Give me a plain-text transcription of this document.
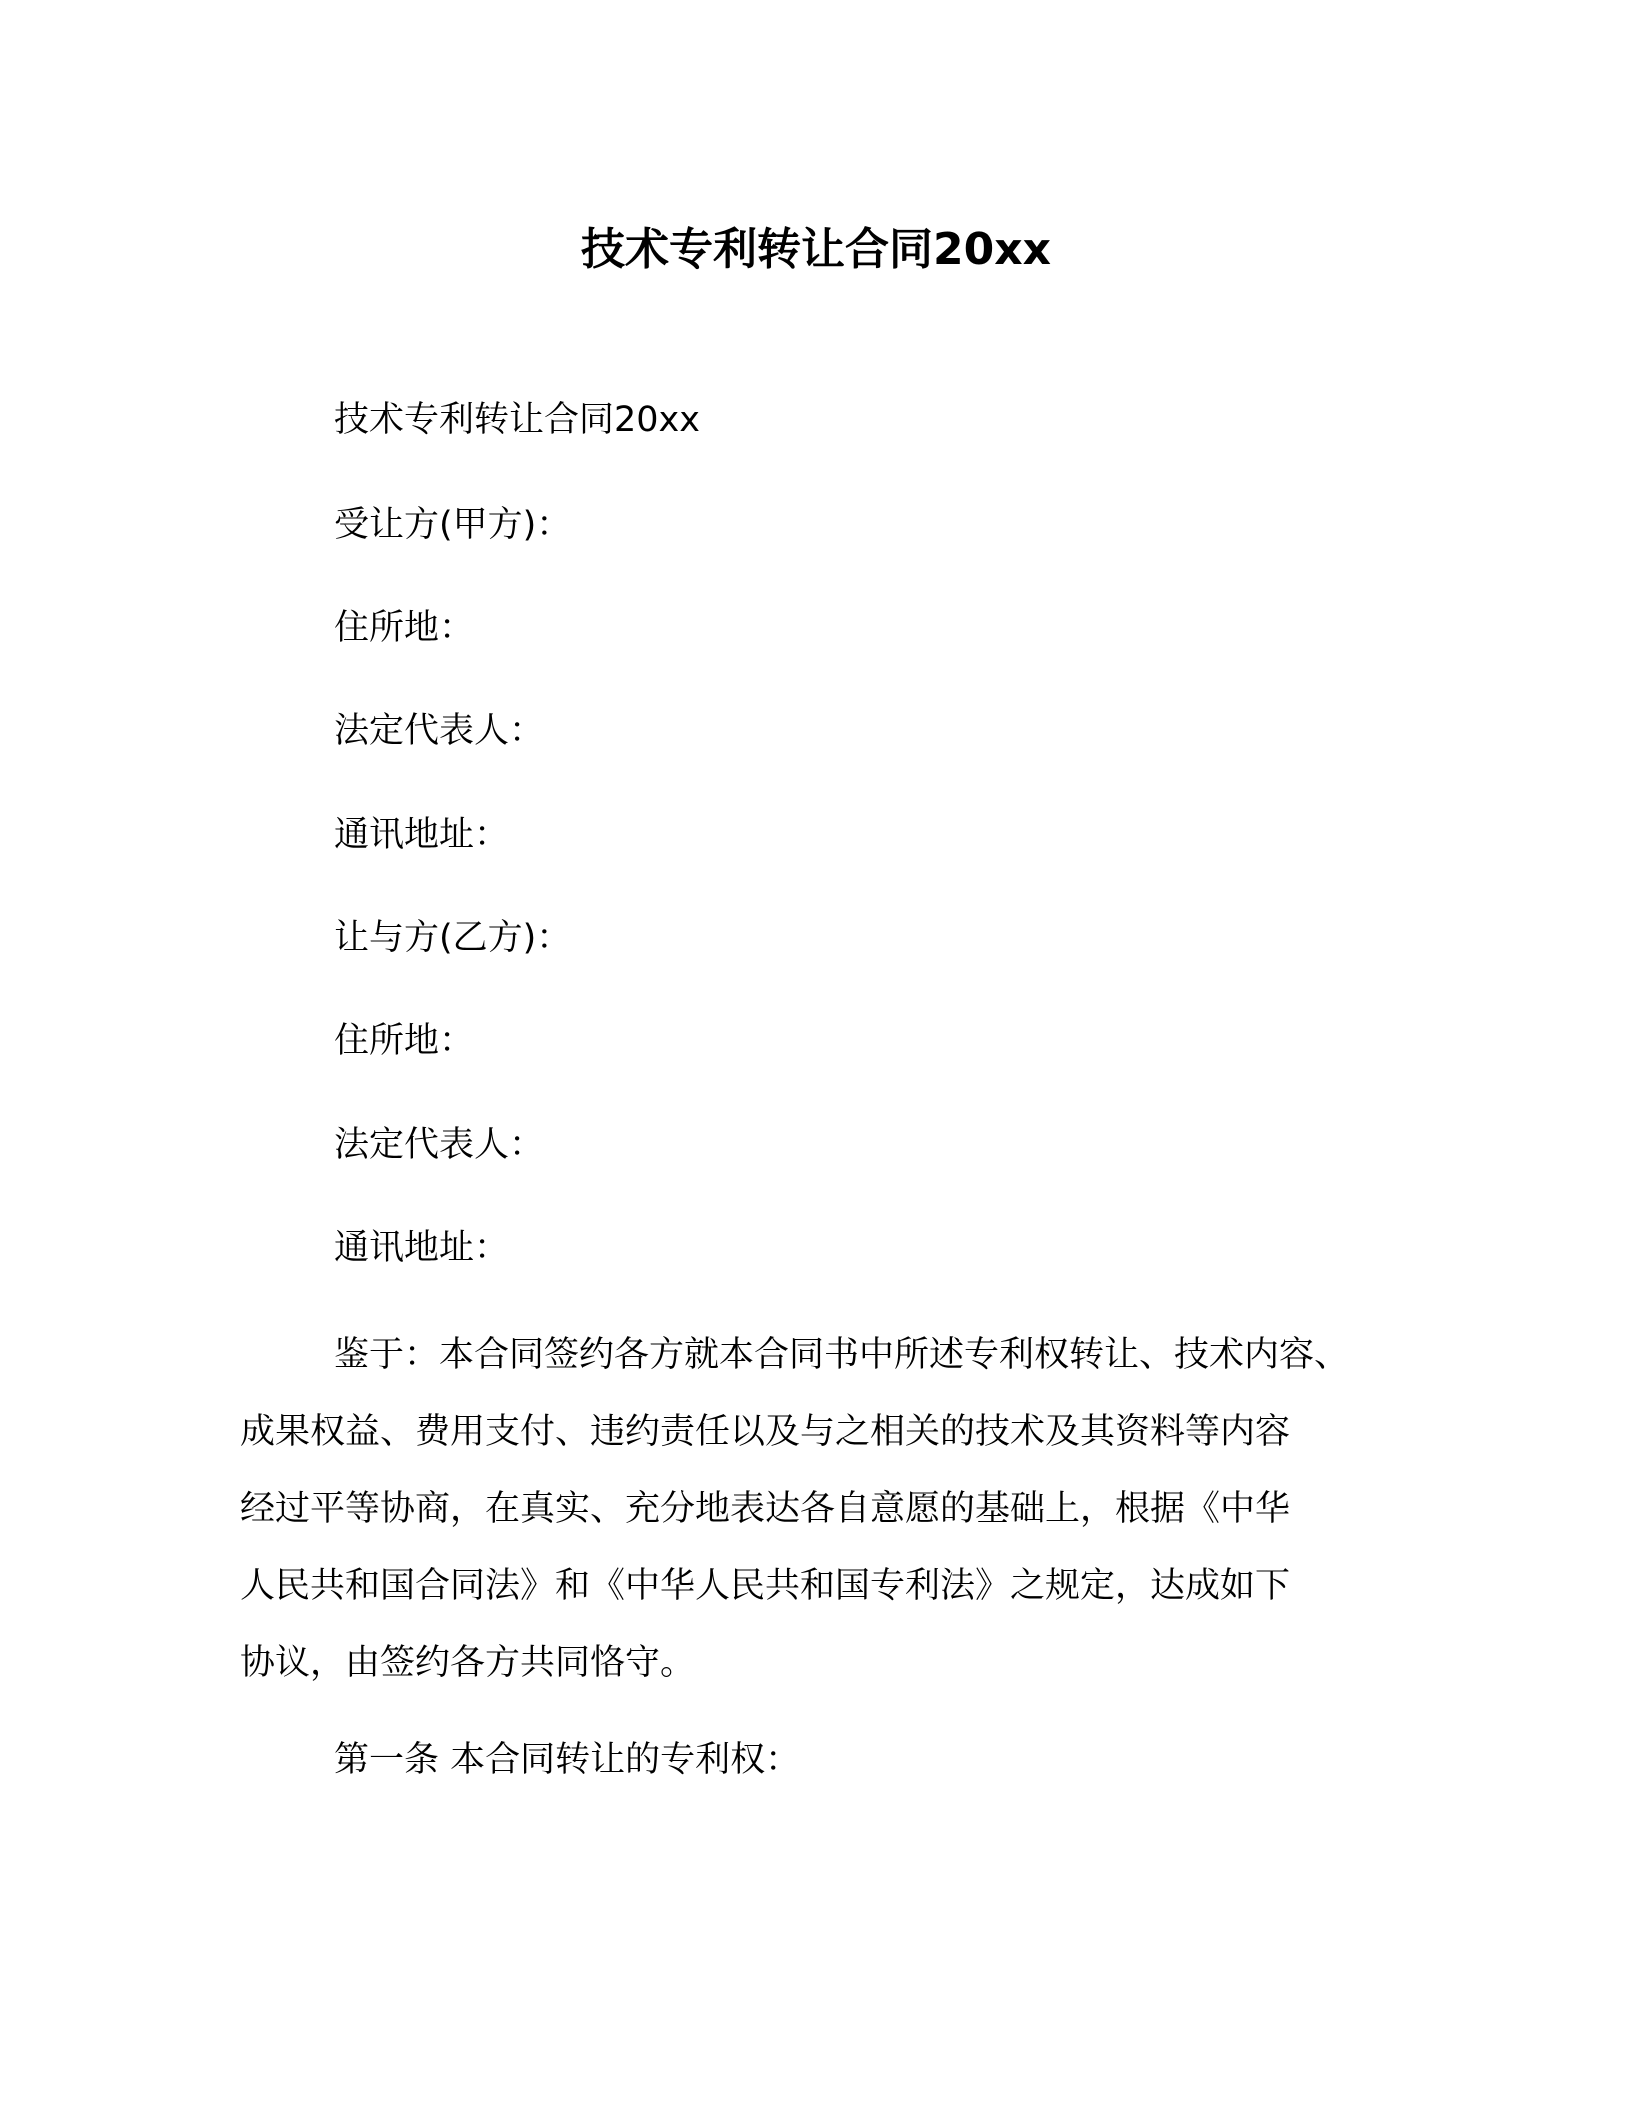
技术专利转让合同20xx
技术专利转让合同20xx
受让方(甲方)：
住所地：
法定代表人：
通讯地址：
让与方(乙方)：
住所地：
法定代表人：
通讯地址：
鉴于：本合同签约各方就本合同书中所述专利权转让、技术内容、
成果权益、费用支付、违约责任以及与之相关的技术及其资料等内容
经过平等协商，在真实、充分地表达各自意愿的基础上，根据《中华
人民共和国合同法》和《中华人民共和国专利法》之规定，达成如下
协议，由签约各方共同恪守。
第一条 本合同转让的专利权：
